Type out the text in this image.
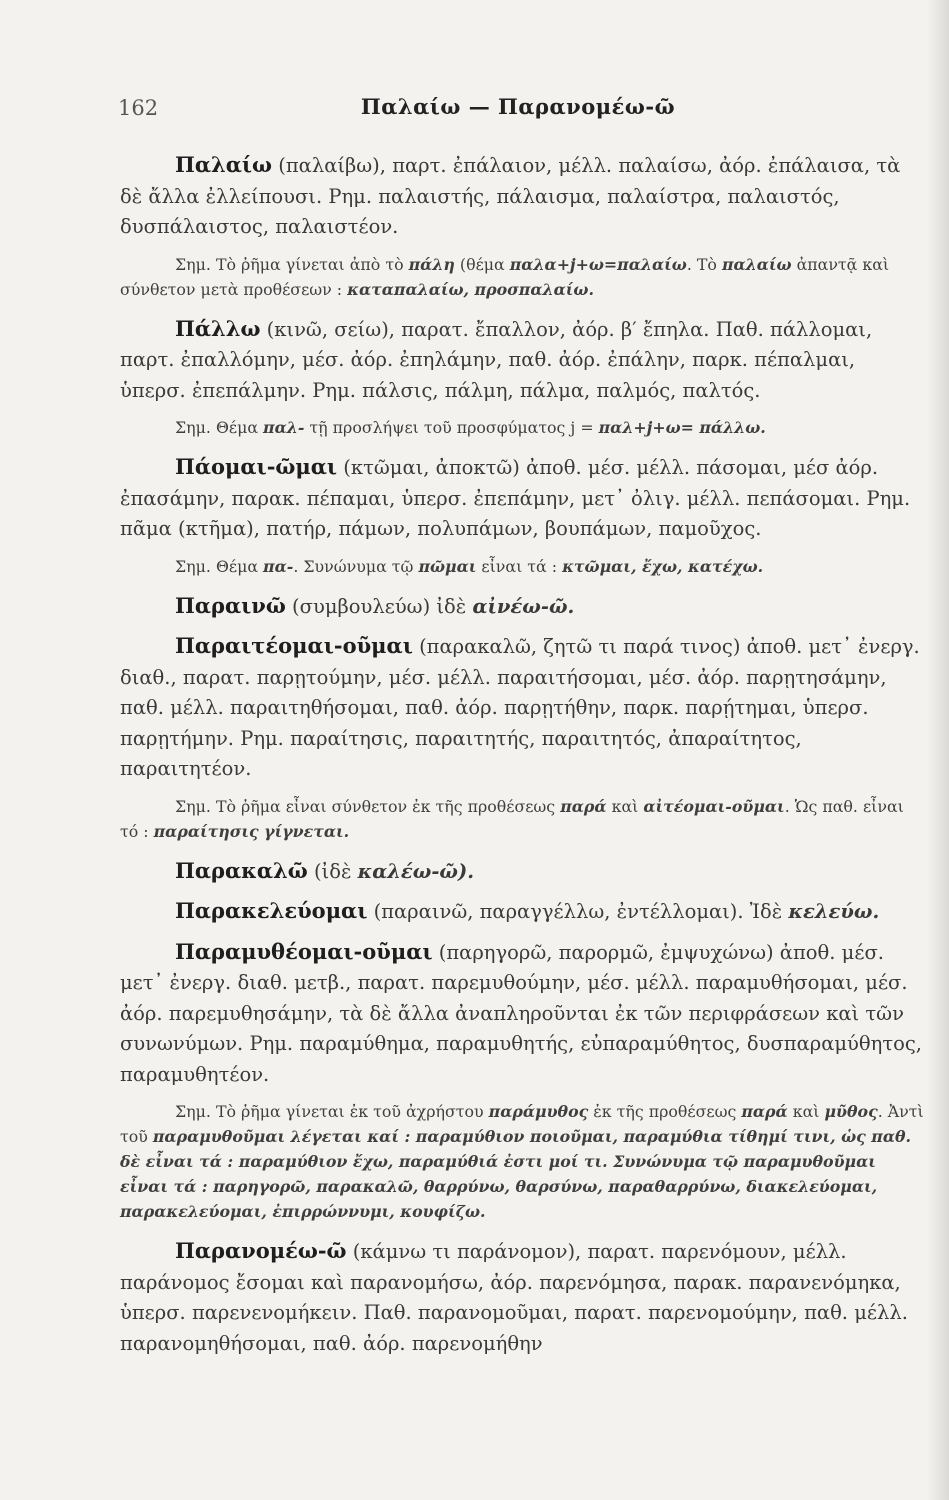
162	Παλαίω — Παρανομέω-ῶ

Παλαίω (παλαίβω), παρτ. ἐπάλαιον, μέλλ. παλαίσω, ἀόρ. ἐπάλαισα, τὰ δὲ ἄλλα ἐλλείπουσι. Ρημ. παλαιστής, πάλαισμα, παλαίστρα, παλαιστός, δυσπάλαιστος, παλαιστέον.

Σημ. Τὸ ῥῆμα γίνεται ἀπὸ τὸ πάλη (θέμα παλα+j+ω=παλαίω. Τὸ παλαίω ἀπαντᾷ καὶ σύνθετον μετὰ προθέσεων : καταπαλαίω, προσπαλαίω.

Πάλλω (κινῶ, σείω), παρατ. ἔπαλλον, ἀόρ. β′ ἔπηλα. Παθ. πάλλομαι, παρτ. ἐπαλλόμην, μέσ. ἀόρ. ἐπηλάμην, παθ. ἀόρ. ἐπάλην, παρκ. πέπαλμαι, ὑπερσ. ἐπεπάλμην. Ρημ. πάλσις, πάλμη, πάλμα, παλμός, παλτός.

Σημ. Θέμα παλ- τῇ προσλήψει τοῦ προσφύματος j = παλ+j+ω= πάλλω.

Πάομαι-ῶμαι (κτῶμαι, ἀποκτῶ) ἀποθ. μέσ. μέλλ. πάσομαι, μέσ ἀόρ. ἐπασάμην, παρακ. πέπαμαι, ὑπερσ. ἐπεπάμην, μετ᾽ ὀλιγ. μέλλ. πεπάσομαι. Ρημ. πᾶμα (κτῆμα), πατήρ, πάμων, πολυπάμων, βουπάμων, παμοῦχος.

Σημ. Θέμα πα-. Συνώνυμα τῷ πῶμαι εἶναι τά : κτῶμαι, ἔχω, κατέχω.

Παραινῶ (συμβουλεύω) ἰδὲ αἰνέω-ῶ.

Παραιτέομαι-οῦμαι (παρακαλῶ, ζητῶ τι παρά τινος) ἀποθ. μετ᾽ ἐνεργ. διαθ., παρατ. παρῃτούμην, μέσ. μέλλ. παραιτήσομαι, μέσ. ἀόρ. παρῃτησάμην, παθ. μέλλ. παραιτηθήσομαι, παθ. ἀόρ. παρῃτήθην, παρκ. παρῄτημαι, ὑπερσ. παρῃτήμην. Ρημ. παραίτησις, παραιτητής, παραιτητός, ἀπαραίτητος, παραιτητέον.

Σημ. Τὸ ῥῆμα εἶναι σύνθετον ἐκ τῆς προθέσεως παρά καὶ αἰτέομαι-οῦμαι. Ὡς παθ. εἶναι τό : παραίτησις γίγνεται.

Παρακαλῶ (ἰδὲ καλέω-ῶ).

Παρακελεύομαι (παραινῶ, παραγγέλλω, ἐντέλλομαι). Ἰδὲ κελεύω.

Παραμυθέομαι-οῦμαι (παρηγορῶ, παρορμῶ, ἐμψυχώνω) ἀποθ. μέσ. μετ᾽ ἐνεργ. διαθ. μετβ., παρατ. παρεμυθούμην, μέσ. μέλλ. παραμυθήσομαι, μέσ. ἀόρ. παρεμυθησάμην, τὰ δὲ ἄλλα ἀναπληροῦνται ἐκ τῶν περιφράσεων καὶ τῶν συνωνύμων. Ρημ. παραμύθημα, παραμυθητής, εὐπαραμύθητος, δυσπαραμύθητος, παραμυθητέον.

Σημ. Τὸ ῥῆμα γίνεται ἐκ τοῦ ἀχρήστου παράμυθος ἐκ τῆς προθέσεως παρά καὶ μῦθος. Ἀντὶ τοῦ παραμυθοῦμαι λέγεται καί : παραμύθιον ποιοῦμαι, παραμύθια τίθημί τινι, ὡς παθ. δὲ εἶναι τά : παραμύθιον ἔχω, παραμύθιά ἐστι μοί τι. Συνώνυμα τῷ παραμυθοῦμαι εἶναι τά : παρηγορῶ, παρακαλῶ, θαρρύνω, θαρσύνω, παραθαρρύνω, διακελεύομαι, παρακελεύομαι, ἐπιρρώννυμι, κουφίζω.

Παρανομέω-ῶ (κάμνω τι παράνομον), παρατ. παρενόμουν, μέλλ. παράνομος ἔσομαι καὶ παρανομήσω, ἀόρ. παρενόμησα, παρακ. παρανενόμηκα, ὑπερσ. παρενενομήκειν. Παθ. παρανομοῦμαι, παρατ. παρενομούμην, παθ. μέλλ. παρανομηθήσομαι, παθ. ἀόρ. παρενομήθην
